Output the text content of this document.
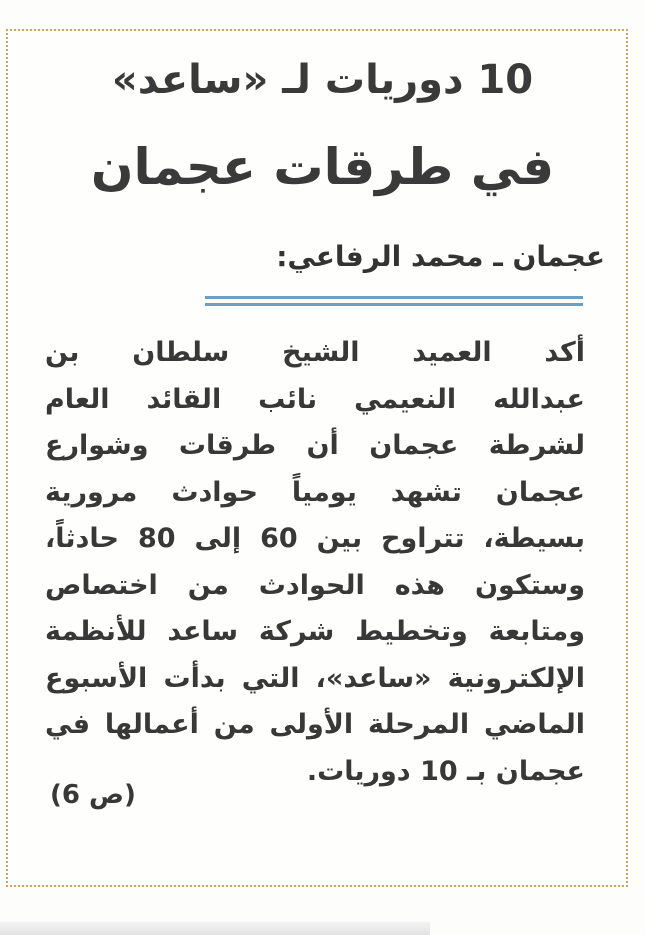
10 دوريات لـ «ساعد»
في طرقات عجمان
عجمان ـ محمد الرفاعي:
أكد العميد الشيخ سلطان بن
عبدالله النعيمي نائب القائد العام
لشرطة عجمان أن طرقات وشوارع
عجمان تشهد يومياً حوادث مرورية
بسيطة، تتراوح بين 60 إلى 80 حادثاً،
وستكون هذه الحوادث من اختصاص
ومتابعة وتخطيط شركة ساعد للأنظمة
الإلكترونية «ساعد»، التي بدأت الأسبوع
الماضي المرحلة الأولى من أعمالها في
عجمان بـ 10 دوريات.
(ص 6)
